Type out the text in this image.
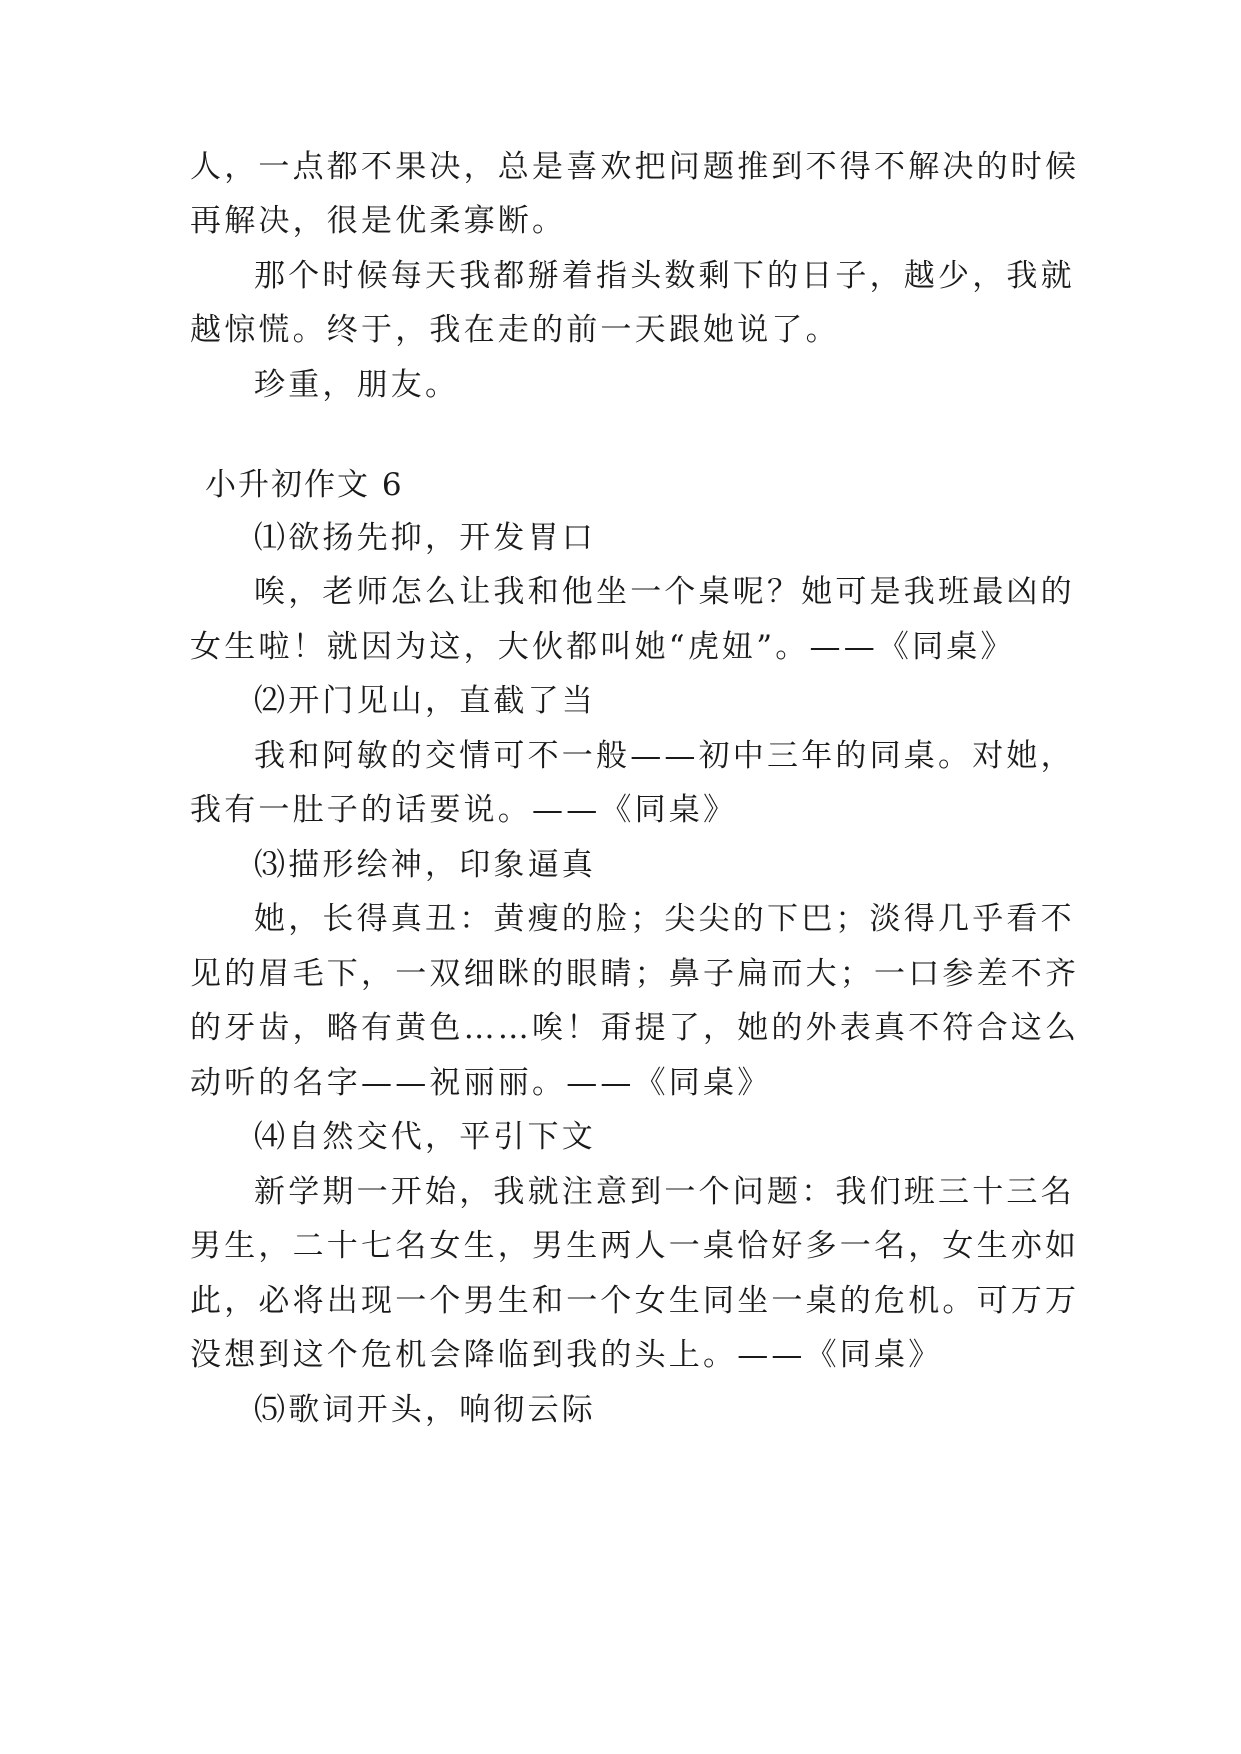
人，一点都不果决，总是喜欢把问题推到不得不解决的时候
再解决，很是优柔寡断。
那个时候每天我都掰着指头数剩下的日子，越少，我就
越惊慌。终于，我在走的前一天跟她说了。
珍重，朋友。
小升初作文 6
⑴欲扬先抑，开发胃口
唉，老师怎么让我和他坐一个桌呢？她可是我班最凶的
女生啦！就因为这，大伙都叫她“虎妞”。——《同桌》
⑵开门见山，直截了当
我和阿敏的交情可不一般——初中三年的同桌。对她，
我有一肚子的话要说。——《同桌》
⑶描形绘神，印象逼真
她，长得真丑：黄瘦的脸；尖尖的下巴；淡得几乎看不
见的眉毛下，一双细眯的眼睛；鼻子扁而大；一口参差不齐
的牙齿，略有黄色……唉！甭提了，她的外表真不符合这么
动听的名字——祝丽丽。——《同桌》
⑷自然交代，平引下文
新学期一开始，我就注意到一个问题：我们班三十三名
男生，二十七名女生，男生两人一桌恰好多一名，女生亦如
此，必将出现一个男生和一个女生同坐一桌的危机。可万万
没想到这个危机会降临到我的头上。——《同桌》
⑸歌词开头，响彻云际
